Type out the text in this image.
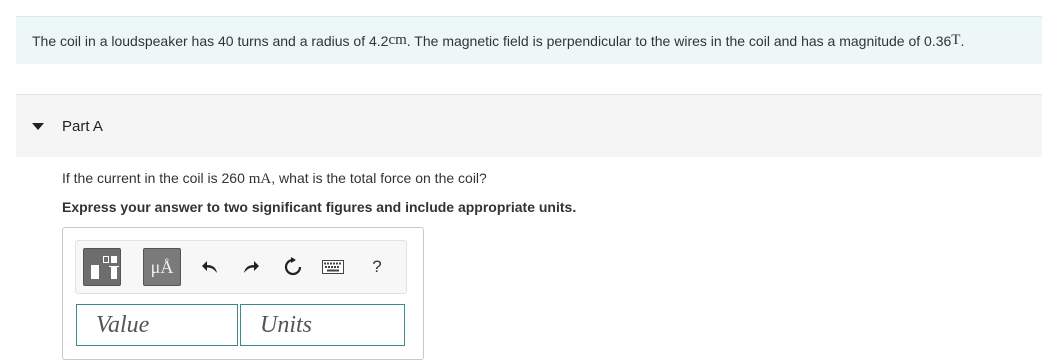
The coil in a loudspeaker has 40 turns and a radius of 4.2 cm . The magnetic field is perpendicular to the wires in the coil and has a magnitude of 0.36 T .
Part A
If the current in the coil is 260 mA, what is the total force on the coil?
Express your answer to two significant figures and include appropriate units.
μÅ	?
Value
Units
